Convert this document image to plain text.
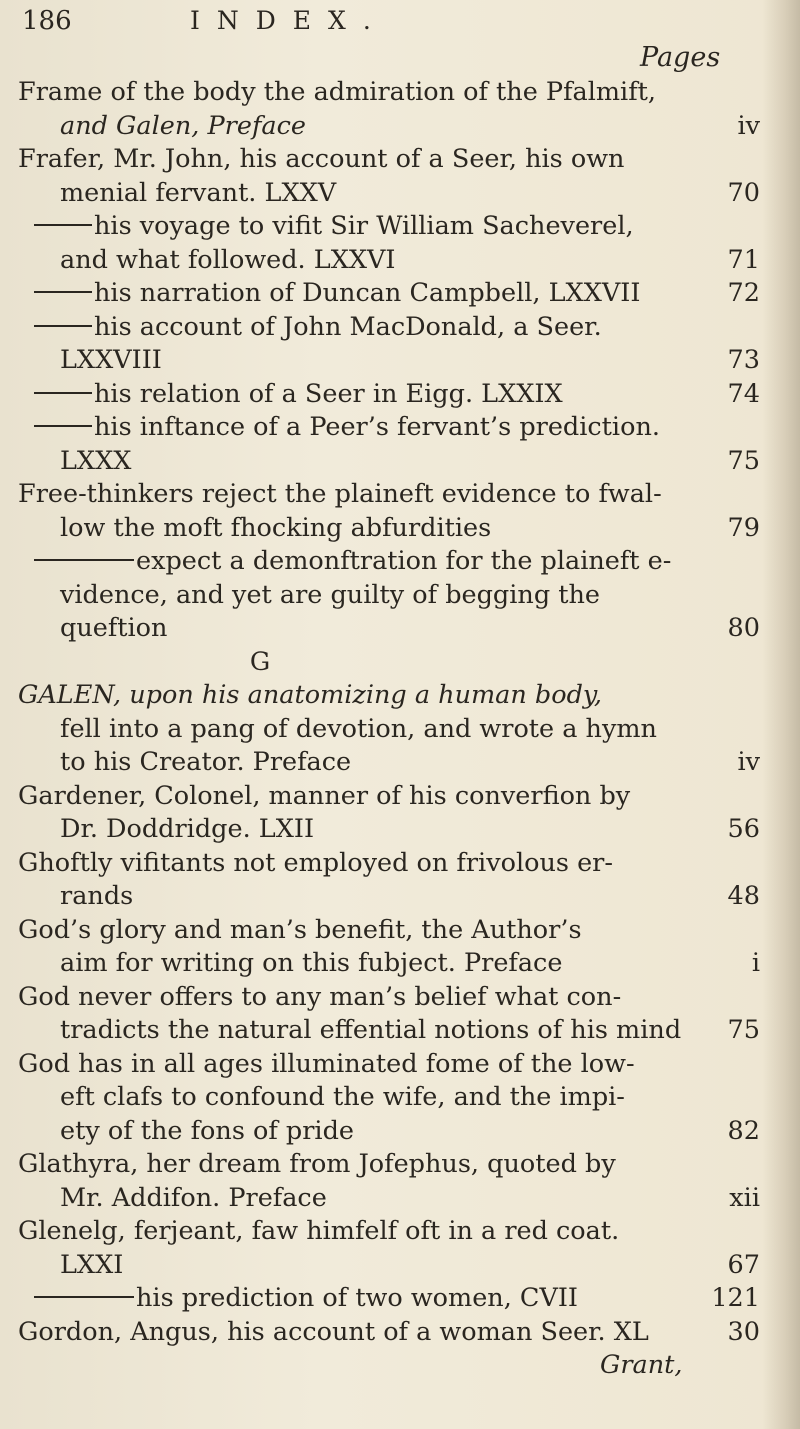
186	INDEX.
Pages
Frame of the body the admiration of the Pfalmift,
and Galen, Preface	iv
Frafer, Mr. John, his account of a Seer, his own
menial fervant. LXXV	70
his voyage to vifit Sir William Sacheverel,
and what followed. LXXVI	71
his narration of Duncan Campbell, LXXVII	72
his account of John MacDonald, a Seer.
LXXVIII	73
his relation of a Seer in Eigg. LXXIX	74
his inftance of a Peer’s fervant’s prediction.
LXXX	75
Free-thinkers reject the plaineft evidence to fwal-
low the moft fhocking abfurdities	79
expect a demonftration for the plaineft e-
vidence, and yet are guilty of begging the
queftion	80
G
GALEN, upon his anatomizing a human body,
fell into a pang of devotion, and wrote a hymn
to his Creator. Preface	iv
Gardener, Colonel, manner of his converfion by
Dr. Doddridge. LXII	56
Ghoftly vifitants not employed on frivolous er-
rands	48
God’s glory and man’s benefit, the Author’s
aim for writing on this fubject. Preface	i
God never offers to any man’s belief what con-
tradicts the natural effential notions of his mind	75
God has in all ages illuminated fome of the low-
eft clafs to confound the wife, and the impi-
ety of the fons of pride	82
Glathyra, her dream from Jofephus, quoted by
Mr. Addifon. Preface	xii
Glenelg, ferjeant, faw himfelf oft in a red coat.
LXXI	67
his prediction of two women, CVII	121
Gordon, Angus, his account of a woman Seer. XL	30
Grant,
